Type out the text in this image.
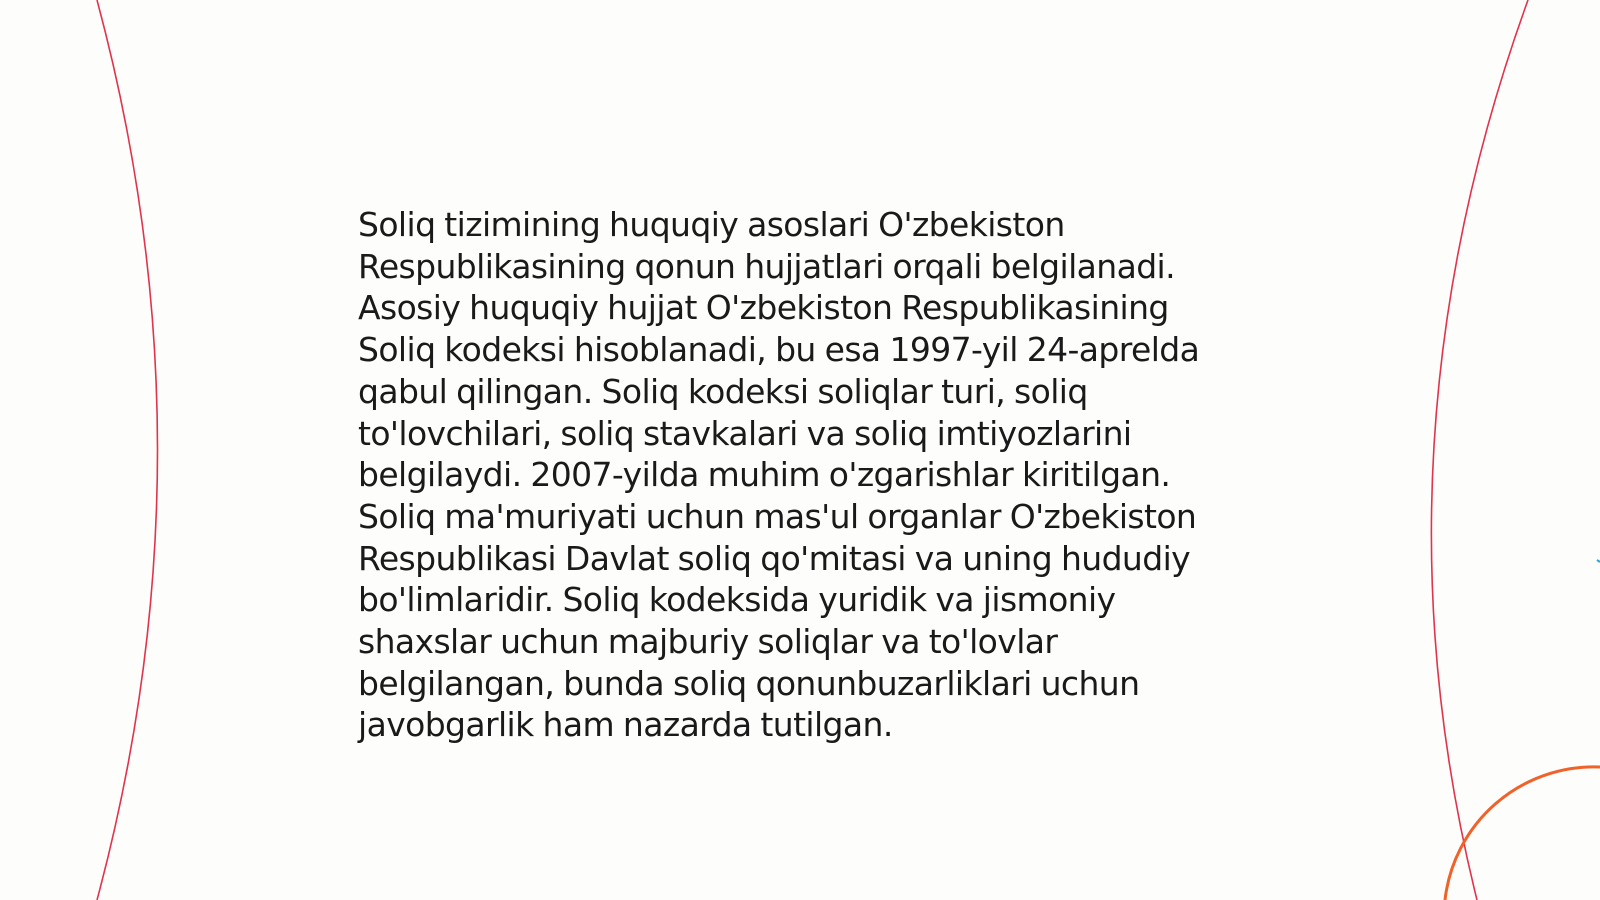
Soliq tizimining huquqiy asoslari O'zbekiston
Respublikasining qonun hujjatlari orqali belgilanadi.
Asosiy huquqiy hujjat O'zbekiston Respublikasining
Soliq kodeksi hisoblanadi, bu esa 1997-yil 24-aprelda
qabul qilingan. Soliq kodeksi soliqlar turi, soliq
to'lovchilari, soliq stavkalari va soliq imtiyozlarini
belgilaydi. 2007-yilda muhim o'zgarishlar kiritilgan.
Soliq ma'muriyati uchun mas'ul organlar O'zbekiston
Respublikasi Davlat soliq qo'mitasi va uning hududiy
bo'limlaridir. Soliq kodeksida yuridik va jismoniy
shaxslar uchun majburiy soliqlar va to'lovlar
belgilangan, bunda soliq qonunbuzarliklari uchun
javobgarlik ham nazarda tutilgan.
